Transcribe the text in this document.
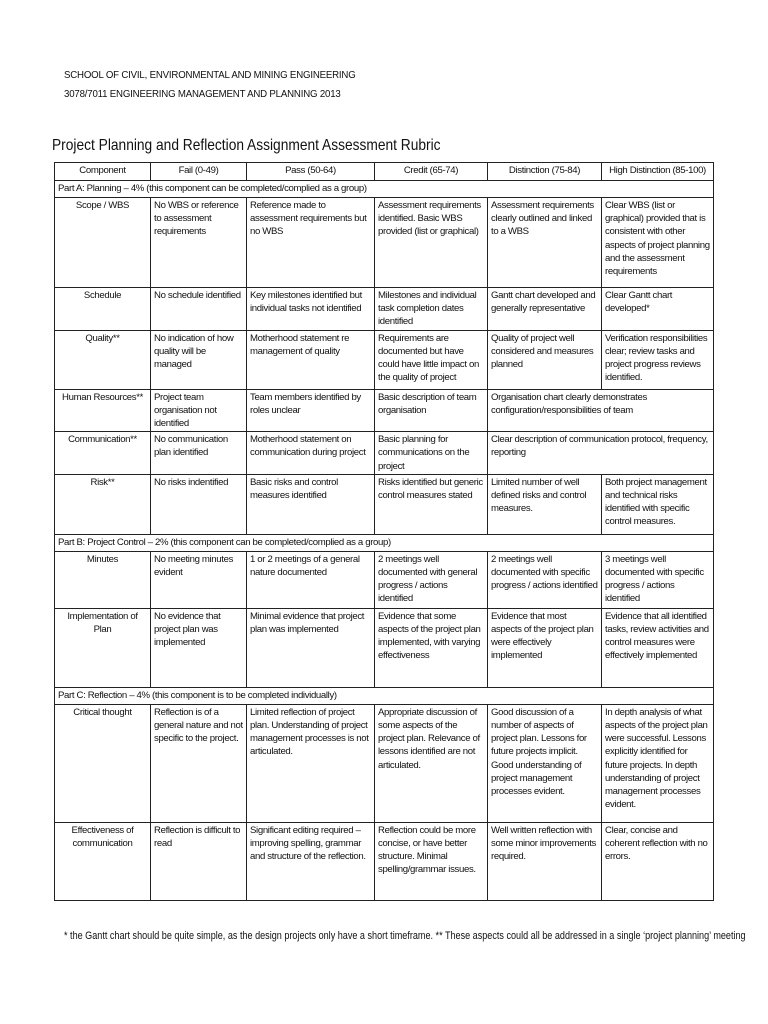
SCHOOL OF CIVIL, ENVIRONMENTAL AND MINING ENGINEERING
3078/7011 ENGINEERING MANAGEMENT AND PLANNING 2013
Project Planning and Reflection Assignment Assessment Rubric
Component	Fail (0-49)	Pass (50-64)	Credit (65-74)	Distinction (75-84)	High Distinction (85-100)
Part A: Planning – 4% (this component can be completed/complied as a group)					
Scope / WBS	No WBS or reference to assessment requirements	Reference made to assessment requirements but no WBS	Assessment requirements identified. Basic WBS provided (list or graphical)	Assessment requirements clearly outlined and linked to a WBS	Clear WBS (list or graphical) provided that is consistent with other aspects of project planning and the assessment requirements
Schedule	No schedule identified	Key milestones identified but individual tasks not identified	Milestones and individual task completion dates identified	Gantt chart developed and generally representative	Clear Gantt chart developed*
Quality**	No indication of how quality will be managed	Motherhood statement re management of quality	Requirements are documented but have could have little impact on the quality of project	Quality of project well considered and measures planned	Verification responsibilities clear; review tasks and project progress reviews identified.
Human Resources**	Project team organisation not identified	Team members identified by roles unclear	Basic description of team organisation	Organisation chart clearly demonstrates configuration/responsibilities of team	
Communication**	No communication plan identified	Motherhood statement on communication during project	Basic planning for communications on the project	Clear description of communication protocol, frequency, reporting	
Risk**	No risks indentified	Basic risks and control measures identified	Risks identified but generic control measures stated	Limited number of well defined risks and control measures.	Both project management and technical risks identified with specific control measures.
Part B: Project Control – 2% (this component can be completed/complied as a group)					
Minutes	No meeting minutes evident	1 or 2 meetings of a general nature documented	2 meetings well documented with general progress / actions identified	2 meetings well documented with specific progress / actions identified	3 meetings well documented with specific progress / actions identified
Implementation of Plan	No evidence that project plan was implemented	Minimal evidence that project plan was implemented	Evidence that some aspects of the project plan implemented, with varying effectiveness	Evidence that most aspects of the project plan were effectively implemented	Evidence that all identified tasks, review activities and control measures were effectively implemented
Part C: Reflection – 4% (this component is to be completed individually)					
Critical thought	Reflection is of a general nature and not specific to the project.	Limited reflection of project plan. Understanding of project management processes is not articulated.	Appropriate discussion of some aspects of the project plan. Relevance of lessons identified are not articulated.	Good discussion of a number of aspects of project plan. Lessons for future projects implicit. Good understanding of project management processes evident.	In depth analysis of what aspects of the project plan were successful. Lessons explicitly identified for future projects. In depth understanding of project management processes evident.
Effectiveness of communication	Reflection is difficult to read	Significant editing required – improving spelling, grammar and structure of the reflection.	Reflection could be more concise, or have better structure. Minimal spelling/grammar issues.	Well written reflection with some minor improvements required.	Clear, concise and coherent reflection with no errors.
* the Gantt chart should be quite simple, as the design projects only have a short timeframe. ** These aspects could all be addressed in a single ‘project planning’ meeting
